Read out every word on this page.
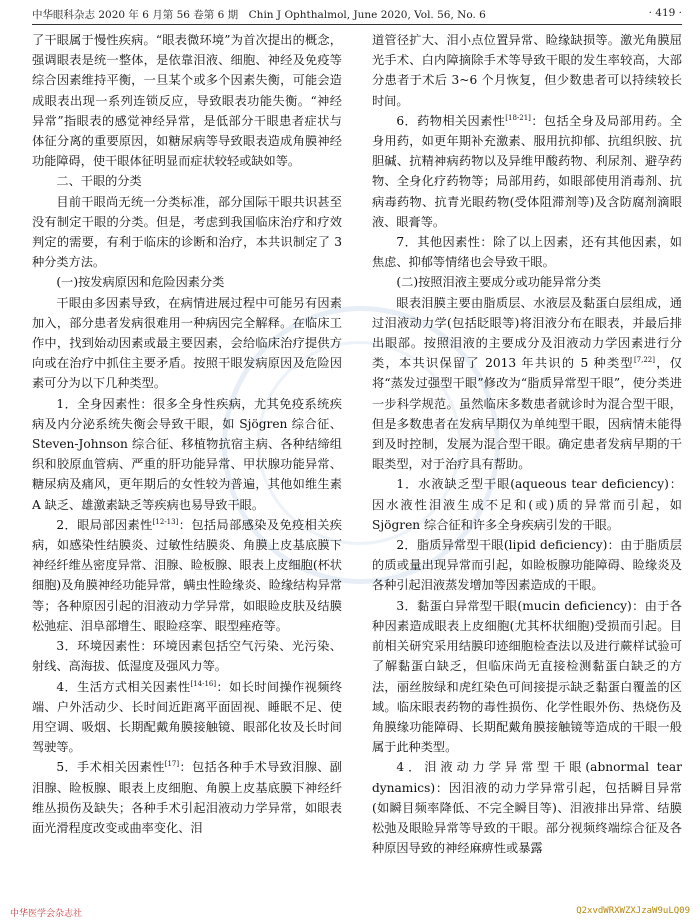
中华眼科杂志 2020 年 6 月第 56 卷第 6 期　Chin J Ophthalmol, June 2020, Vol. 56, No. 6	· 419 ·

了干眼属于慢性疾病。“眼表微环境”为首次提出的概念，强调眼表是统一整体，是依靠泪液、细胞、神经及免疫等综合因素维持平衡，一旦某个或多个因素失衡，可能会造成眼表出现一系列连锁反应，导致眼表功能失衡。“神经异常”指眼表的感觉神经异常，是低部分干眼患者症状与体征分离的重要原因，如糖尿病等导致眼表造成角膜神经功能障碍，使干眼体征明显而症状较轻或缺如等。

二、干眼的分类

目前干眼尚无统一分类标准，部分国际干眼共识甚至没有制定干眼的分类。但是，考虑到我国临床治疗和疗效判定的需要，有利于临床的诊断和治疗，本共识制定了 3 种分类方法。

(一)按发病原因和危险因素分类

干眼由多因素导致，在病情进展过程中可能另有因素加入，部分患者发病很难用一种病因完全解释。在临床工作中，找到始动因素或最主要因素，会给临床治疗提供方向或在治疗中抓住主要矛盾。按照干眼发病原因及危险因素可分为以下几种类型。

1．全身因素性：很多全身性疾病，尤其免疫系统疾病及内分泌系统失衡会导致干眼，如 Sjögren 综合征、Steven-Johnson 综合征、移植物抗宿主病、各种结缔组织和胶原血管病、严重的肝功能异常、甲状腺功能异常、糖尿病及痛风，更年期后的女性较为普遍，其他如维生素 A 缺乏、雄激素缺乏等疾病也易导致干眼。

2．眼局部因素性[12-13]：包括局部感染及免疫相关疾病，如感染性结膜炎、过敏性结膜炎、角膜上皮基底膜下神经纤维丛密度异常、泪腺、睑板腺、眼表上皮细胞(杯状细胞)及角膜神经功能异常，螨虫性睑缘炎、睑缘结构异常等；各种原因引起的泪液动力学异常，如眼睑皮肤及结膜松弛症、泪阜部增生、眼睑痉挛、眼型痤疮等。

3．环境因素性：环境因素包括空气污染、光污染、射线、高海拔、低湿度及强风力等。

4．生活方式相关因素性[14-16]：如长时间操作视频终端、户外活动少、长时间近距离平面固视、睡眠不足、使用空调、吸烟、长期配戴角膜接触镜、眼部化妆及长时间驾驶等。

5．手术相关因素性[17]：包括各种手术导致泪腺、副泪腺、睑板腺、眼表上皮细胞、角膜上皮基底膜下神经纤维丛损伤及缺失；各种手术引起泪液动力学异常，如眼表面光滑程度改变或曲率变化、泪

道管径扩大、泪小点位置异常、睑缘缺损等。激光角膜屈光手术、白内障摘除手术等导致干眼的发生率较高，大部分患者于术后 3~6 个月恢复，但少数患者可以持续较长时间。

6．药物相关因素性[18-21]：包括全身及局部用药。全身用药，如更年期补充激素、服用抗抑郁、抗组织胺、抗胆碱、抗精神病药物以及异维甲酸药物、利尿剂、避孕药物、全身化疗药物等；局部用药，如眼部使用消毒剂、抗病毒药物、抗青光眼药物(受体阻滞剂等)及含防腐剂滴眼液、眼膏等。

7．其他因素性：除了以上因素，还有其他因素，如焦虑、抑郁等情绪也会导致干眼。

(二)按照泪液主要成分或功能异常分类

眼表泪膜主要由脂质层、水液层及黏蛋白层组成，通过泪液动力学(包括眨眼等)将泪液分布在眼表，并最后排出眼部。按照泪液的主要成分及泪液动力学因素进行分类，本共识保留了 2013 年共识的 5 种类型[7,22]，仅将“蒸发过强型干眼”修改为“脂质异常型干眼”，使分类进一步科学规范。虽然临床多数患者就诊时为混合型干眼，但是多数患者在发病早期仅为单纯型干眼，因病情未能得到及时控制，发展为混合型干眼。确定患者发病早期的干眼类型，对于治疗具有帮助。

1．水液缺乏型干眼(aqueous tear deficiency)：因水液性泪液生成不足和(或)质的异常而引起，如 Sjögren 综合征和许多全身疾病引发的干眼。

2．脂质异常型干眼(lipid deficiency)：由于脂质层的质或量出现异常而引起，如睑板腺功能障碍、睑缘炎及各种引起泪液蒸发增加等因素造成的干眼。

3．黏蛋白异常型干眼(mucin deficiency)：由于各种因素造成眼表上皮细胞(尤其杯状细胞)受损而引起。目前相关研究采用结膜印迹细胞检查法以及进行蕨样试验可了解黏蛋白缺乏，但临床尚无直接检测黏蛋白缺乏的方法，丽丝胺绿和虎红染色可间接提示缺乏黏蛋白覆盖的区域。临床眼表药物的毒性损伤、化学性眼外伤、热烧伤及角膜缘功能障碍、长期配戴角膜接触镜等造成的干眼一般属于此种类型。

4．泪液动力学异常型干眼(abnormal tear dynamics)：因泪液的动力学异常引起，包括瞬目异常(如瞬目频率降低、不完全瞬目等)、泪液排出异常、结膜松弛及眼睑异常等导致的干眼。部分视频终端综合征及各种原因导致的神经麻痹性或暴露

中华医学会杂志社	Q2xvdWRXWZXJzaW9uLQ09
